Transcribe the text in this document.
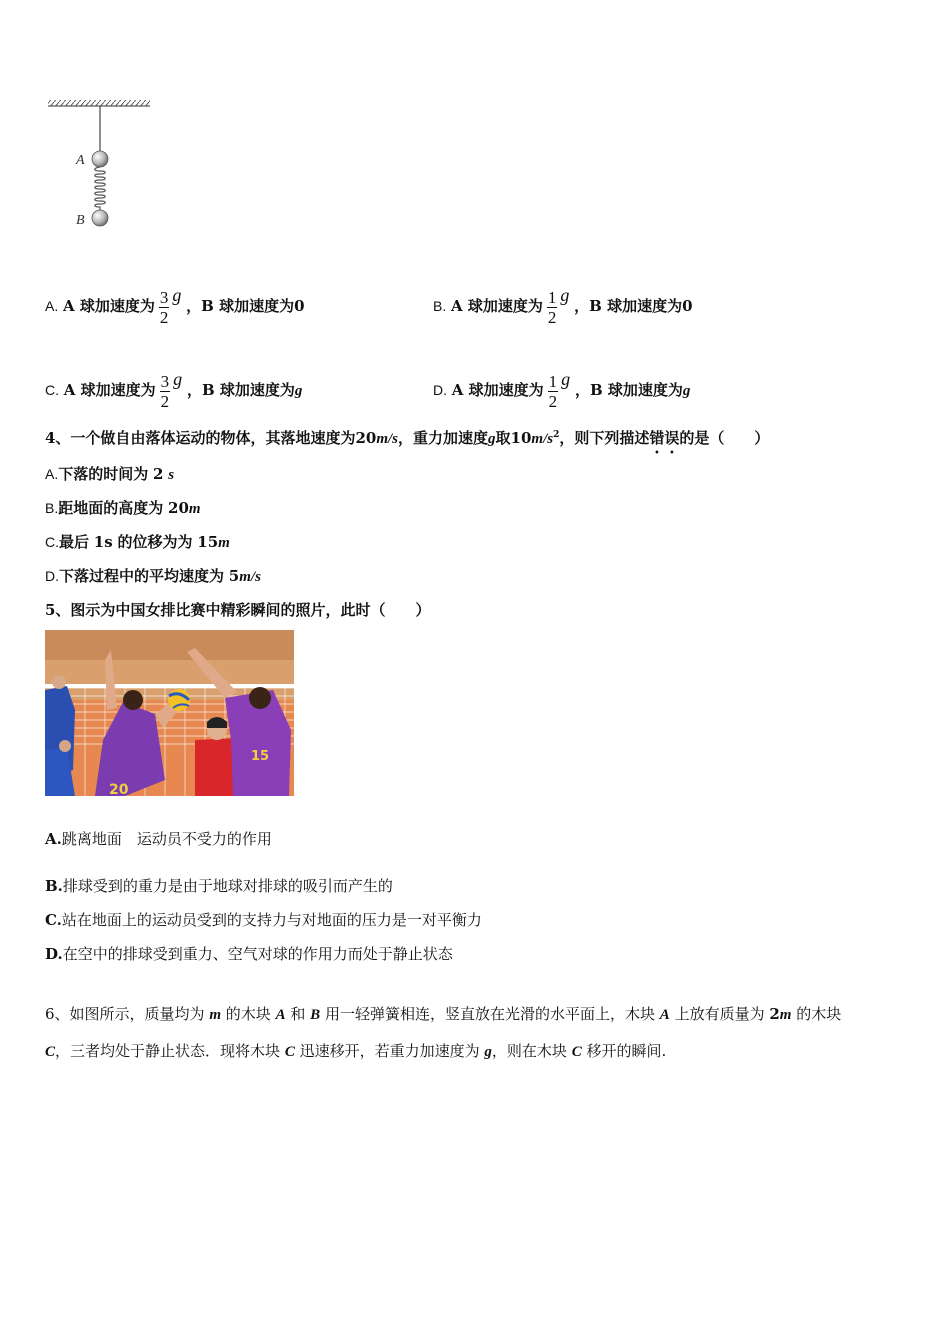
A
B
A. A 球加速度为 $\frac{3}{2}$ g ，B 球加速度为0	B. A 球加速度为 $\frac{1}{2}$ g ，B 球加速度为0
C. A 球加速度为 $\frac{3}{2}$ g ，B 球加速度为g	D. A 球加速度为 $\frac{1}{2}$ g ，B 球加速度为g
4、一个做自由落体运动的物体，其落地速度为20m/s，重力加速度g取$10m/s^2$，则下列描述错误的是（　　）
A.下落的时间为 2 s
B.距地面的高度为 20m
C.最后 1s 的位移为为 15m
D.下落过程中的平均速度为 5m/s
5、图示为中国女排比赛中精彩瞬间的照片，此时（　　）
20
15
A.跳离地面　运动员不受力的作用
B.排球受到的重力是由于地球对排球的吸引而产生的
C.站在地面上的运动员受到的支持力与对地面的压力是一对平衡力
D.在空中的排球受到重力、空气对球的作用力而处于静止状态
6、如图所示，质量均为 m 的木块 A 和 B 用一轻弹簧相连，竖直放在光滑的水平面上，木块 A 上放有质量为 2m 的木块
C，三者均处于静止状态．现将木块 C 迅速移开，若重力加速度为 g，则在木块 C 移开的瞬间.
